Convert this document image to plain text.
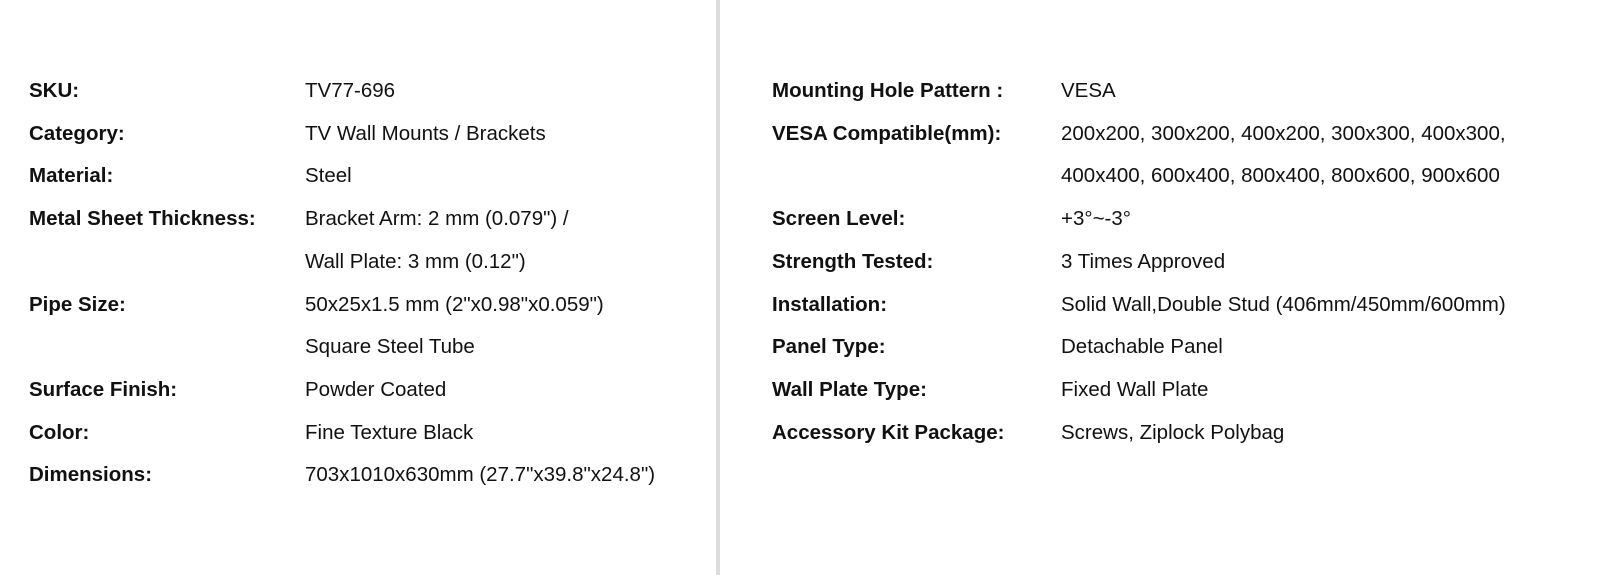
SKU:	TV77-696
Category:	TV Wall Mounts / Brackets
Material:	Steel
Metal Sheet Thickness:	Bracket Arm: 2 mm (0.079") /
Wall Plate: 3 mm (0.12")
Pipe Size:	50x25x1.5 mm (2"x0.98"x0.059")
Square Steel Tube
Surface Finish:	Powder Coated
Color:	Fine Texture Black
Dimensions:	703x1010x630mm (27.7"x39.8"x24.8")
Mounting Hole Pattern :	VESA
VESA Compatible(mm):	200x200, 300x200, 400x200, 300x300, 400x300,
400x400, 600x400, 800x400, 800x600, 900x600
Screen Level:	+3°~-3°
Strength Tested:	3 Times Approved
Installation:	Solid Wall,Double Stud (406mm/450mm/600mm)
Panel Type:	Detachable Panel
Wall Plate Type:	Fixed Wall Plate
Accessory Kit Package:	Screws, Ziplock Polybag
